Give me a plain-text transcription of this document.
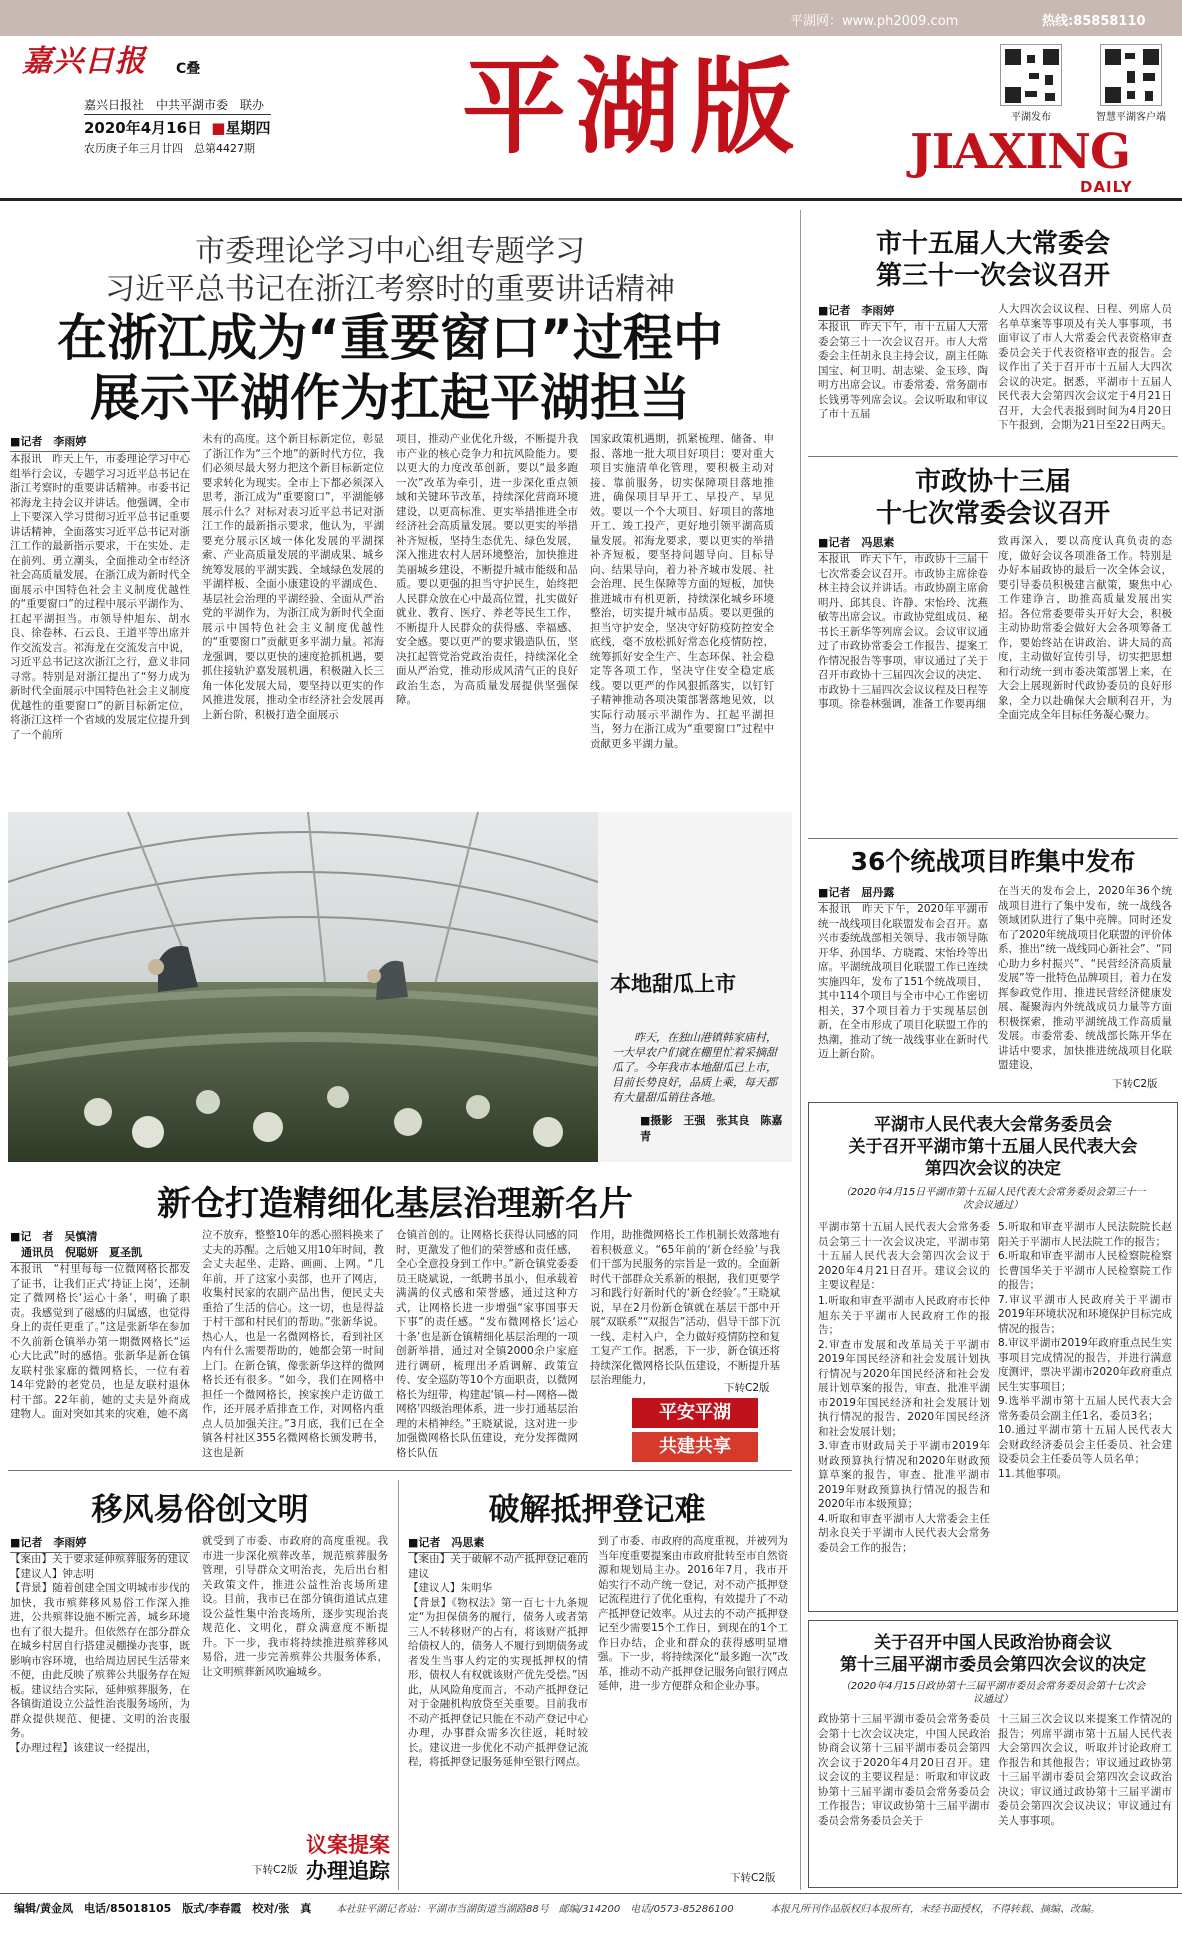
平湖网：www.ph2009.com	热线:85858110
嘉兴日报 C叠
嘉兴日报社　中共平湖市委　联办
2020年4月16日 ■星期四
农历庚子年三月廿四　总第4427期 平湖版	平湖发布	智慧平湖客户端
JIAXING
DAILY
市委理论学习中心组专题学习
习近平总书记在浙江考察时的重要讲话精神
在浙江成为“重要窗口”过程中
展示平湖作为扛起平湖担当
■记者　李雨婷
本报讯　昨天上午，市委理论学习中心组举行会议，专题学习习近平总书记在浙江考察时的重要讲话精神。市委书记祁海龙主持会议并讲话。他强调，全市上下要深入学习贯彻习近平总书记重要讲话精神，全面落实习近平总书记对浙江工作的最新指示要求，干在实处、走在前列、勇立潮头，全面推动全市经济社会高质量发展，在浙江成为新时代全面展示中国特色社会主义制度优越性的“重要窗口”的过程中展示平湖作为、扛起平湖担当。市领导仲旭东、胡水良、徐卷林、石云良、王道平等出席并作交流发言。祁海龙在交流发言中说，习近平总书记这次浙江之行，意义非同寻常。特别是对浙江提出了“努力成为新时代全面展示中国特色社会主义制度优越性的重要窗口”的新目标新定位，将浙江这样一个省域的发展定位提升到了一个前所
未有的高度。这个新目标新定位，彰显了浙江作为“三个地”的新时代方位，我们必须尽最大努力把这个新目标新定位要求转化为现实。全市上下都必须深入思考，浙江成为“重要窗口”，平湖能够展示什么？对标对表习近平总书记对浙江工作的最新指示要求，他认为，平湖要充分展示区域一体化发展的平湖探索、产业高质量发展的平湖成果、城乡统筹发展的平湖实践、全域绿色发展的平湖样板、全面小康建设的平湖成色、基层社会治理的平湖经验、全面从严治党的平湖作为，为浙江成为新时代全面展示中国特色社会主义制度优越性的“重要窗口”贡献更多平湖力量。祁海龙强调，要以更快的速度抢抓机遇，要抓住接轨沪嘉发展机遇，积极融入长三角一体化发展大局，要坚持以更实的作风推进发展，推动全市经济社会发展再上新台阶，积极打造全面展示
项目，推动产业优化升级，不断提升我市产业的核心竞争力和抗风险能力。要以更大的力度改革创新，要以“最多跑一次”改革为牵引，进一步深化重点领域和关键环节改革，持续深化营商环境建设，以更高标准、更实举措推进全市经济社会高质量发展。要以更实的举措补齐短板，坚持生态优先、绿色发展，深入推进农村人居环境整治，加快推进美丽城乡建设，不断提升城市能级和品质。要以更强的担当守护民生，始终把人民群众放在心中最高位置，扎实做好就业、教育、医疗、养老等民生工作，不断提升人民群众的获得感、幸福感、安全感。要以更严的要求锻造队伍，坚决扛起管党治党政治责任，持续深化全面从严治党，推动形成风清气正的良好政治生态，为高质量发展提供坚强保障。
国家政策机遇期，抓紧梳理、储备、申报、落地一批大项目好项目；要对重大项目实施清单化管理，要积极主动对接、靠前服务，切实保障项目落地推进，确保项目早开工、早投产、早见效。要以一个个大项目、好项目的落地开工、竣工投产，更好地引领平湖高质量发展。祁海龙要求，要以更实的举措补齐短板，要坚持问题导向、目标导向、结果导向，着力补齐城市发展、社会治理、民生保障等方面的短板，加快推进城市有机更新，持续深化城乡环境整治，切实提升城市品质。要以更强的担当守护安全，坚决守好防疫防控安全底线，毫不放松抓好常态化疫情防控，统筹抓好安全生产、生态环保、社会稳定等各项工作，坚决守住安全稳定底线。要以更严的作风狠抓落实，以钉钉子精神推动各项决策部署落地见效，以实际行动展示平湖作为、扛起平湖担当，努力在浙江成为“重要窗口”过程中贡献更多平湖力量。
市十五届人大常委会
第三十一次会议召开
■记者　李雨婷
本报讯　昨天下午，市十五届人大常委会第三十一次会议召开。市人大常委会主任胡永良主持会议，副主任陈国宝、柯卫明、胡志梁、金玉珍、陶明方出席会议。市委常委、常务副市长钱勇等列席会议。会议听取和审议了市十五届
人大四次会议议程、日程、列席人员名单草案等事项及有关人事事项，书面审议了市人大常委会代表资格审查委员会关于代表资格审查的报告。会议作出了关于召开市十五届人大四次会议的决定。据悉，平湖市十五届人民代表大会第四次会议定于4月21日召开，大会代表报到时间为4月20日下午报到，会期为21日至22日两天。
市政协十三届
十七次常委会议召开
■记者　冯思素
本报讯　昨天下午，市政协十三届十七次常委会议召开。市政协主席徐卷林主持会议并讲话。市政协副主席俞明丹、邱其良、许静、宋怡玲、沈燕敏等出席会议。市政协党组成员、秘书长王新华等列席会议。会议审议通过了市政协常委会工作报告、提案工作情况报告等事项，审议通过了关于召开市政协十三届四次会议的决定、市政协十三届四次会议议程及日程等事项。徐卷林强调，准备工作要再细
致再深入，要以高度认真负责的态度，做好会议各项准备工作。特别是办好本届政协的最后一次全体会议，要引导委员积极建言献策，聚焦中心工作建诤言，助推高质量发展出实招。各位常委要带头开好大会，积极主动协助常委会做好大会各项筹备工作，要始终站在讲政治、讲大局的高度，主动做好宣传引导，切实把思想和行动统一到市委决策部署上来，在大会上展现新时代政协委员的良好形象，全力以赴确保大会顺利召开，为全面完成全年目标任务凝心聚力。
36个统战项目昨集中发布
■记者　屈丹露
本报讯　昨天下午，2020年平湖市统一战线项目化联盟发布会召开。嘉兴市委统战部相关领导、我市领导陈开华、孙国华、方晓霞、宋怡玲等出席。平湖统战项目化联盟工作已连续实施四年，发布了151个统战项目，其中114个项目与全市中心工作密切相关，37个项目着力于实现基层创新，在全市形成了项目化联盟工作的热潮，推动了统一战线事业在新时代迈上新台阶。
在当天的发布会上，2020年36个统战项目进行了集中发布，统一战线各领域团队进行了集中亮牌。同时还发布了2020年统战项目化联盟的评价体系，推出“统一战线同心新社会”、“同心助力乡村振兴”、“民营经济高质量发展”等一批特色品牌项目，着力在发挥参政党作用、推进民营经济健康发展、凝聚海内外统战成员力量等方面积极探索，推动平湖统战工作高质量发展。市委常委、统战部长陈开华在讲话中要求，加快推进统战项目化联盟建设，
下转C2版
平湖市人民代表大会常务委员会
关于召开平湖市第十五届人民代表大会
第四次会议的决定
（2020年4月15日平湖市第十五届人民代表大会常务委员会第三十一次会议通过）
平湖市第十五届人民代表大会常务委员会第三十一次会议决定，平湖市第十五届人民代表大会第四次会议于2020年4月21日召开。建议会议的主要议程是：

1.听取和审查平湖市人民政府市长仲旭东关于平湖市人民政府工作的报告；

2.审查市发展和改革局关于平湖市2019年国民经济和社会发展计划执行情况与2020年国民经济和社会发展计划草案的报告，审查、批准平湖市2019年国民经济和社会发展计划执行情况的报告、2020年国民经济和社会发展计划；

3.审查市财政局关于平湖市2019年财政预算执行情况和2020年财政预算草案的报告，审查、批准平湖市2019年财政预算执行情况的报告和2020年市本级预算；

4.听取和审查平湖市人大常委会主任胡永良关于平湖市人民代表大会常务委员会工作的报告；

5.听取和审查平湖市人民法院院长赵阳关于平湖市人民法院工作的报告；

6.听取和审查平湖市人民检察院检察长曹国华关于平湖市人民检察院工作的报告；

7.审议平湖市人民政府关于平湖市2019年环境状况和环境保护目标完成情况的报告；

8.审议平湖市2019年政府重点民生实事项目完成情况的报告，并进行满意度测评，票决平湖市2020年政府重点民生实事项目；

9.选举平湖市第十五届人民代表大会常务委员会副主任1名，委员3名；

10.通过平湖市第十五届人民代表大会财政经济委员会主任委员、社会建设委员会主任委员等人员名单；

11.其他事项。

关于召开中国人民政治协商会议
第十三届平湖市委员会第四次会议的决定
（2020年4月15日政协第十三届平湖市委员会常务委员会第十七次会议通过）
政协第十三届平湖市委员会常务委员会第十七次会议决定，中国人民政治协商会议第十三届平湖市委员会第四次会议于2020年4月20日召开。建议会议的主要议程是：听取和审议政协第十三届平湖市委员会常务委员会工作报告；审议政协第十三届平湖市委员会常务委员会关于
十三届三次会议以来提案工作情况的报告；列席平湖市第十五届人民代表大会第四次会议，听取并讨论政府工作报告和其他报告；审议通过政协第十三届平湖市委员会第四次会议政治决议；审议通过政协第十三届平湖市委员会第四次会议决议；审议通过有关人事事项。
本地甜瓜上市
昨天，在独山港镇韩家庙村，一大早农户们就在棚里忙着采摘甜瓜了。今年我市本地甜瓜已上市，目前长势良好，品质上乘，每天都有大量甜瓜销往各地。
■摄影　王强　张其良　陈嘉青
新仓打造精细化基层治理新名片
■记　者　吴慎清
　通讯员　倪聪妍　夏圣凯
本报讯　“村里每每一位微网格长都发了证书，让我们正式‘持证上岗’，还制定了微网格长‘运心十条’，明确了职责。我感觉到了磁感的归属感，也觉得身上的责任更重了。”这是张新华在参加不久前新仓镇举办第一期微网格长“运心大比武”时的感悟。张新华是新仓镇友联村张家廊的微网格长，一位有着14年党龄的老党员，也是友联村退休村干部。22年前，她的丈夫是外商成建物人。面对突如其来的灾难，她不离
泣不放弃，整整10年的悉心照料换来了丈夫的苏醒。之后她又用10年时间，教会丈夫起坐、走路、画画、上网。“几年前，开了这家小卖部，也开了网店，收集村民家的农副产品出售，便民丈夫重拾了生活的信心。这一切，也是得益于村干部和村民们的帮助。”张新华说。热心人，也是一名微网格长，看到社区内有什么需要帮助的，她都会第一时间上门。在新仓镇，像张新华这样的微网格长还有很多。“如今，我们在网格中担任一个微网格长，挨家挨户走访做工作，还开展矛盾排查工作，对网格内重点人员加强关注。”3月底，我们已在全镇各村社区355名微网格长颁发聘书，这也是新
仓镇首创的。让网格长获得认同感的同时，更激发了他们的荣誉感和责任感，全心全意投身到工作中。”新仓镇党委委员王晓斌说，一纸聘书虽小，但承载着满满的仪式感和荣誉感，通过这种方式，让网格长进一步增强“家事国事天下事”的责任感。“发布微网格长‘运心十条’也是新仓镇精细化基层治理的一项创新举措，通过对全镇2000余户家庭进行调研，梳理出矛盾调解、政策宣传、安全巡防等10个方面职责，以微网格长为纽带，构建起‘镇—村—网格—微网格’四级治理体系，进一步打通基层治理的末梢神经。”王晓斌说，这对进一步加强微网格长队伍建设，充分发挥微网格长队伍
作用，助推微网格长工作机制长效落地有着积极意义。“65年前的‘新仓经验’与我们干部为民服务的宗旨是一致的。全面新时代干部群众关系新的根据，我们更要学习和践行好新时代的‘新仓经验’。”王晓斌说，早在2月份新仓镇就在基层干部中开展“双联系”“双报告”活动，倡导干部下沉一线、走村入户，全力做好疫情防控和复工复产工作。据悉，下一步，新仓镇还将持续深化微网格长队伍建设，不断提升基层治理能力，
下转C2版
平安平湖
共建共享
移风易俗创文明
■记者　李雨婷
【案由】关于要求延伸殡葬服务的建议
【建议人】钟志明
【背景】随着创建全国文明城市步伐的加快，我市殡葬移风易俗工作深入推进，公共殡葬设施不断完善，城乡环境也有了很大提升。但依然存在部分群众在城乡村居自行搭建灵棚操办丧事，既影响市容环境，也给周边居民生活带来不便，由此反映了殡葬公共服务存在短板。建议结合实际，延伸殡葬服务，在各镇街道设立公益性治丧服务场所，为群众提供规范、便捷、文明的治丧服务。
【办理过程】该建议一经提出，
就受到了市委、市政府的高度重视。我市进一步深化殡葬改革，规范殡葬服务管理，引导群众文明治丧，先后出台相关政策文件，推进公益性治丧场所建设。目前，我市已在部分镇街道试点建设公益性集中治丧场所，逐步实现治丧规范化、文明化，群众满意度不断提升。下一步，我市将持续推进殡葬移风易俗，进一步完善殡葬公共服务体系，让文明殡葬新风吹遍城乡。
下转C2版
议案提案
办理追踪
破解抵押登记难
■记者　冯思素
【案由】关于破解不动产抵押登记难的建议
【建议人】朱明华
【背景】《物权法》第一百七十九条规定“为担保债务的履行，债务人或者第三人不转移财产的占有，将该财产抵押给债权人的，债务人不履行到期债务或者发生当事人约定的实现抵押权的情形，债权人有权就该财产优先受偿。”因此，从风险角度而言，不动产抵押登记对于金融机构放贷至关重要。目前我市不动产抵押登记只能在不动产登记中心办理，办事群众需多次往返，耗时较长。建议进一步优化不动产抵押登记流程，将抵押登记服务延伸至银行网点。
到了市委、市政府的高度重视，并被列为当年度重要提案由市政府批转至市自然资源和规划局主办。2016年7月，我市开始实行不动产统一登记，对不动产抵押登记流程进行了优化重构，有效提升了不动产抵押登记效率。从过去的不动产抵押登记至少需要15个工作日，到现在的1个工作日办结，企业和群众的获得感明显增强。下一步，将持续深化“最多跑一次”改革，推动不动产抵押登记服务向银行网点延伸，进一步方便群众和企业办事。
下转C2版
编辑/黄金凤　电话/85018105　版式/李春霞　校对/张　真 本社驻平湖记者站：平湖市当湖街道当湖路88号　邮编/314200　电话/0573-85286100	本报凡所刊作品版权归本报所有，未经书面授权，不得转载、摘编、改编。
